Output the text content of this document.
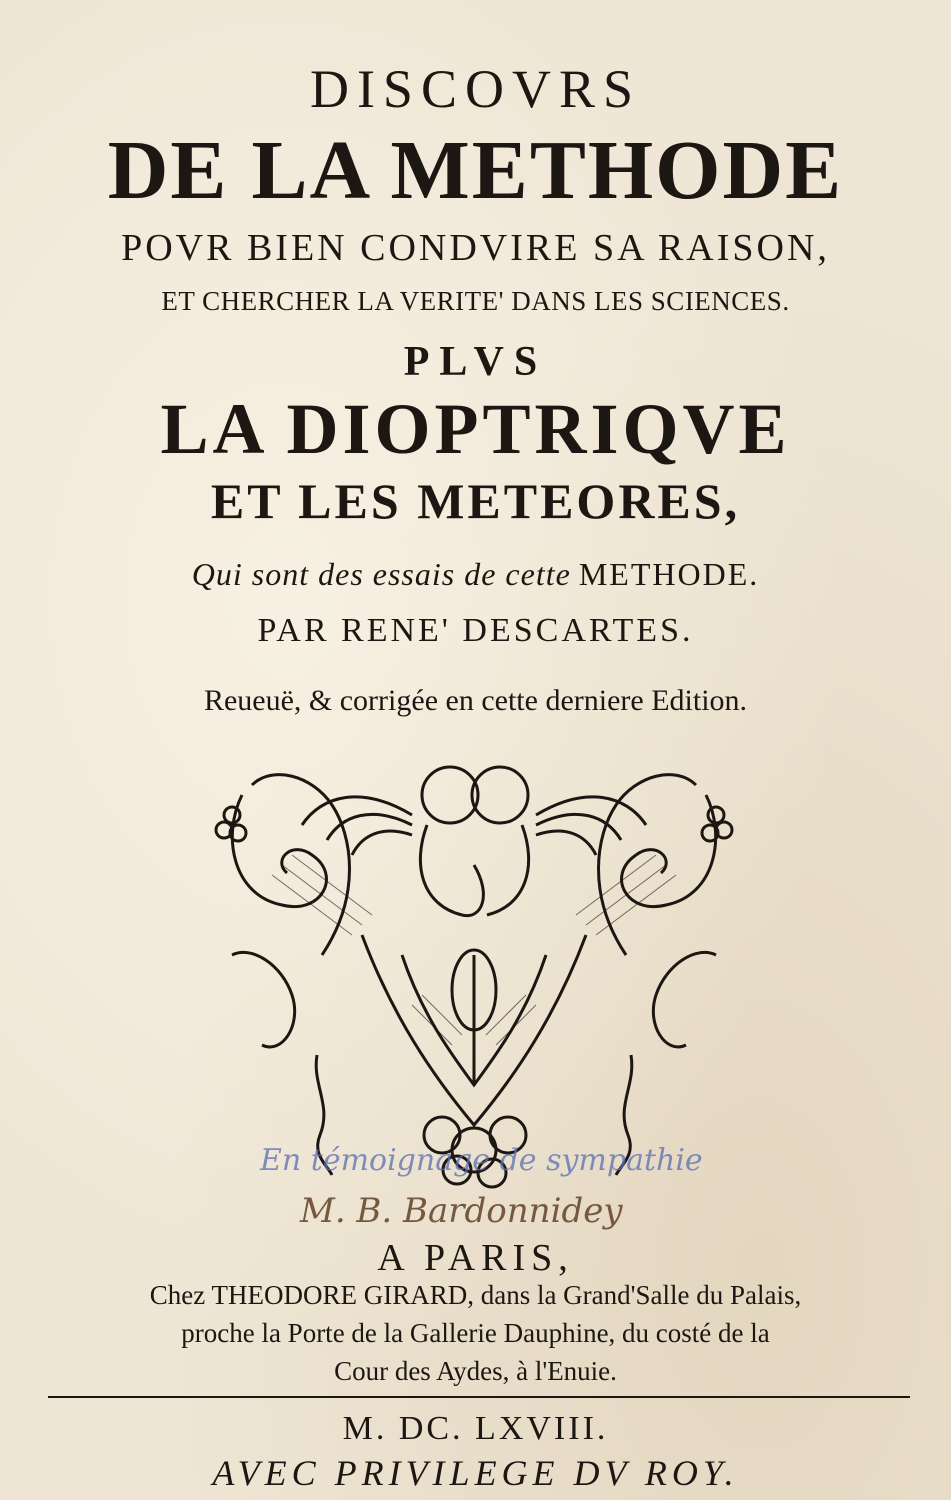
DISCOVRS
DE LA METHODE
POVR BIEN CONDVIRE SA RAISON,
ET CHERCHER LA VERITE' DANS LES SCIENCES.
PLVS
LA DIOPTRIQVE
ET LES METEORES,
Qui sont des essais de cette METHODE.
PAR RENE' DESCARTES.
Reueuë, & corrigée en cette derniere Edition.
En témoignage de sympathie
M. B. Bardonnidey
A PARIS,
Chez THEODORE GIRARD, dans la Grand'Salle du Palais,
proche la Porte de la Gallerie Dauphine, du costé de la
Cour des Aydes, à l'Enuie.
M. DC. LXVIII.
AVEC PRIVILEGE DV ROY.
